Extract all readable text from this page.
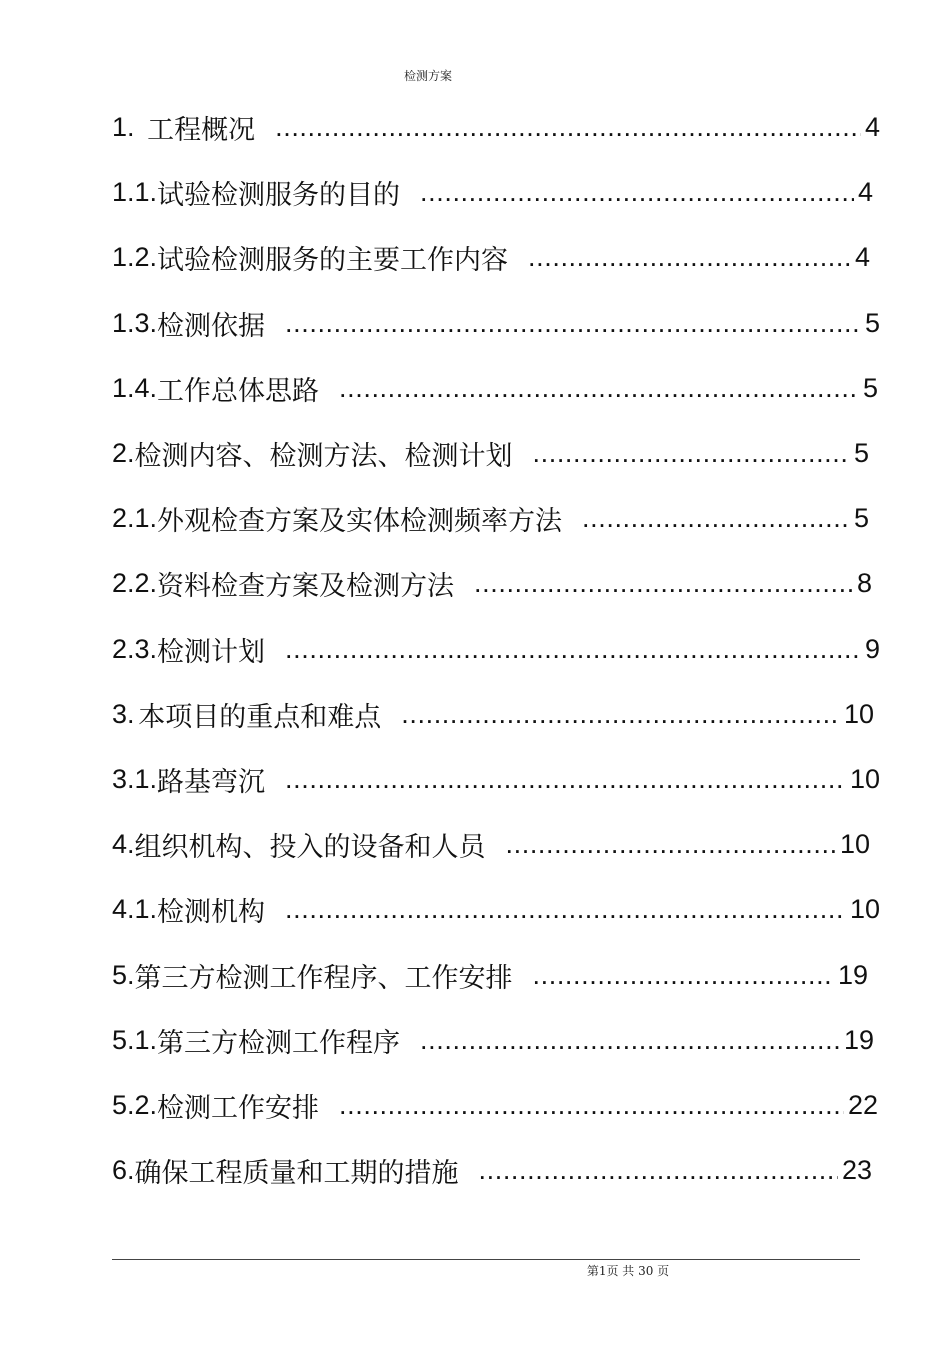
检测方案
1. 工程概况 .....	4
1.1. 试验检测服务的目的 .....	4
1.2. 试验检测服务的主要工作内容 .....	4
1.3. 检测依据 .....	5
1.4. 工作总体思路 .....	5
2. 检测内容、检测方法、检测计划 .....	5
2.1. 外观检查方案及实体检测频率方法 .....	5
2.2. 资料检查方案及检测方法 .....	8
2.3. 检测计划 .....	9
3. 本项目的重点和难点 .....	10
3.1. 路基弯沉 .....	10
4. 组织机构、投入的设备和人员 .....	10
4.1. 检测机构 .....	10
5. 第三方检测工作程序、工作安排 .....	19
5.1. 第三方检测工作程序 .....	19
5.2. 检测工作安排 .....	22
6. 确保工程质量和工期的措施 .....	23
第1页 共 30 页
